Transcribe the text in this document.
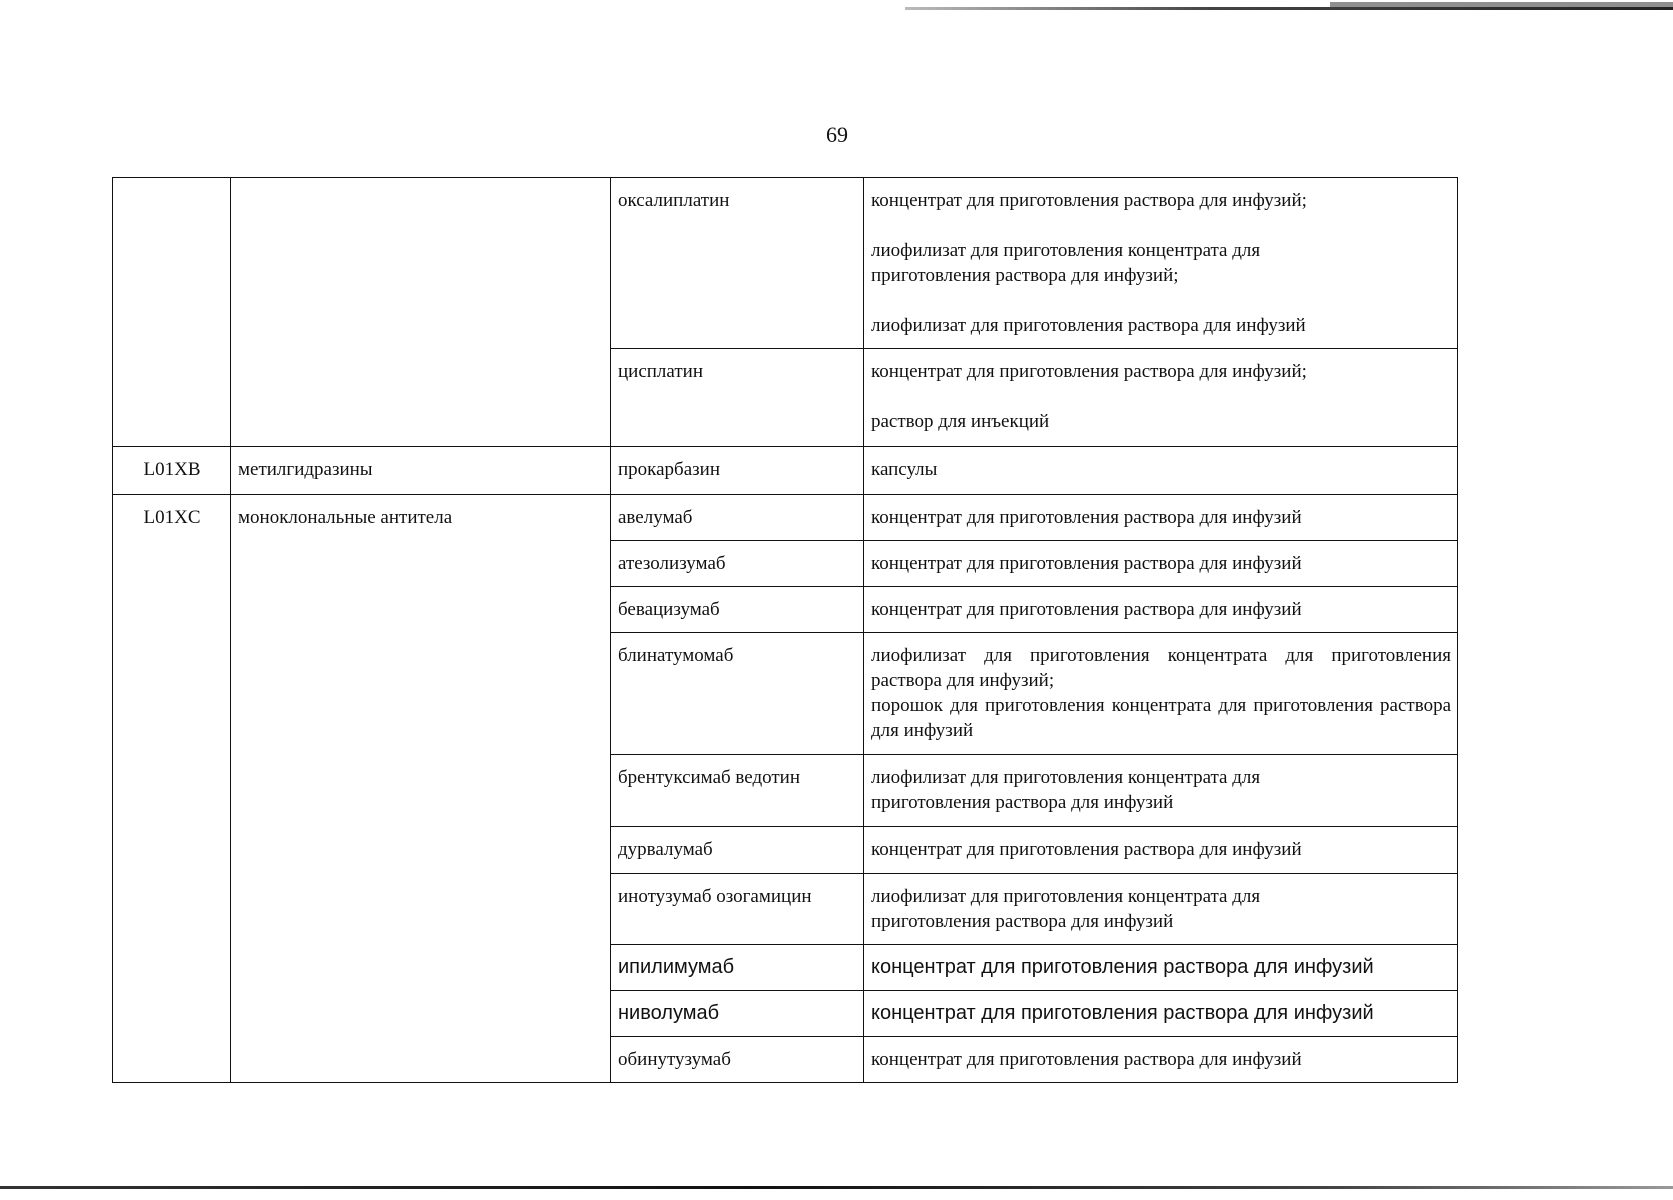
69
		оксалиплатин	концентрат для приготовления раствора для инфузий;
лиофилизат для приготовления концентрата для приготовления раствора для инфузий;
лиофилизат для приготовления раствора для инфузий

		цисплатин	концентрат для приготовления раствора для инфузий;
раствор для инъекций

L01XB	метилгидразины	прокарбазин	капсулы
L01XC	моноклональные антитела	авелумаб	концентрат для приготовления раствора для инфузий
		атезолизумаб	концентрат для приготовления раствора для инфузий
		бевацизумаб	концентрат для приготовления раствора для инфузий
		блинатумомаб	лиофилизат для приготовления концентрата для приготовления раствора для инфузий;
порошок для приготовления концентрата для приготовления раствора для инфузий

		брентуксимаб ведотин	лиофилизат для приготовления концентрата для приготовления раствора для инфузий

		дурвалумаб	концентрат для приготовления раствора для инфузий
		инотузумаб озогамицин	лиофилизат для приготовления концентрата для приготовления раствора для инфузий

		ипилимумаб	концентрат для приготовления раствора для инфузий
		ниволумаб	концентрат для приготовления раствора для инфузий
		обинутузумаб	концентрат для приготовления раствора для инфузий
